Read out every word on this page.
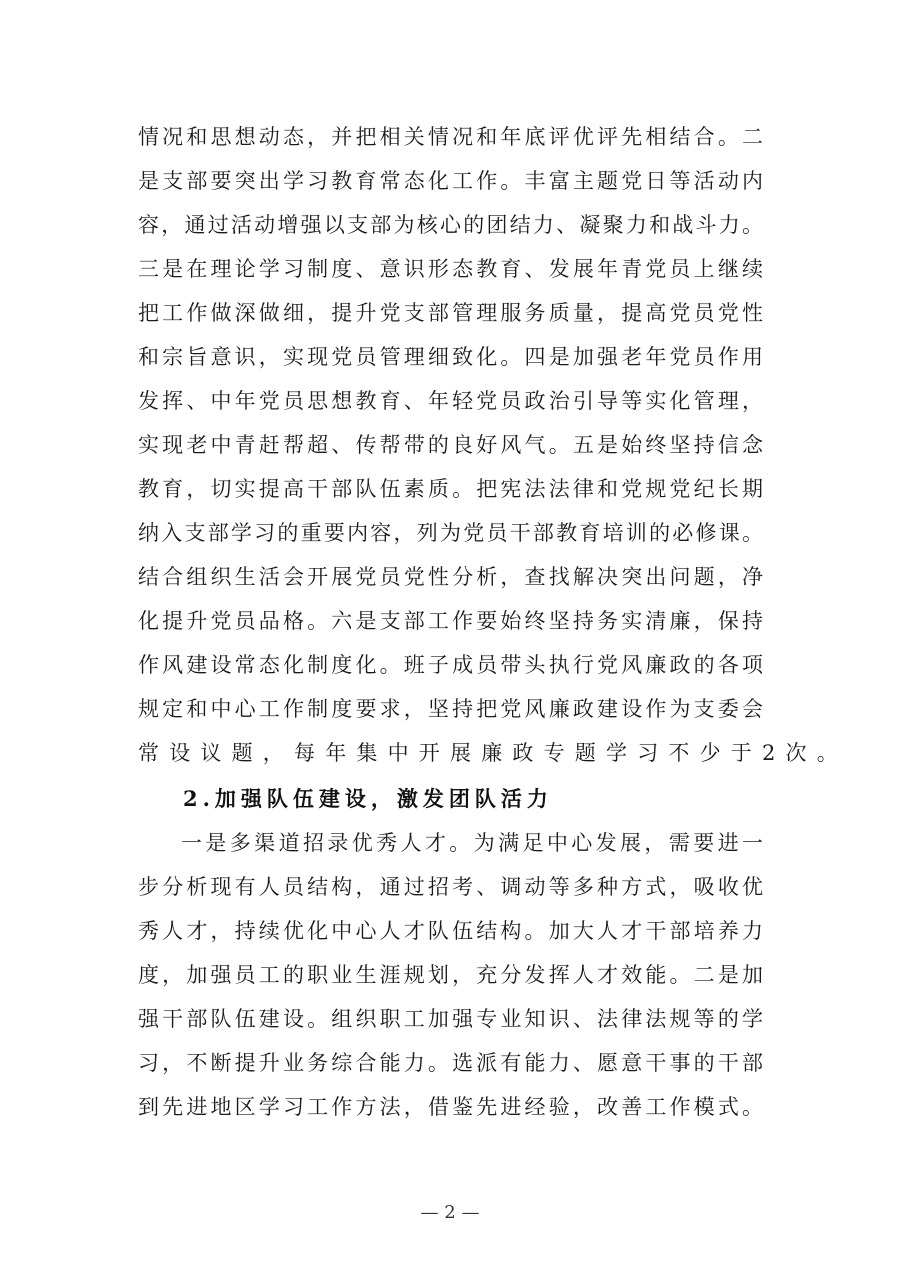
情况和思想动态，并把相关情况和年底评优评先相结合。二
是支部要突出学习教育常态化工作。丰富主题党日等活动内
容，通过活动增强以支部为核心的团结力、凝聚力和战斗力。
三是在理论学习制度、意识形态教育、发展年青党员上继续
把工作做深做细，提升党支部管理服务质量，提高党员党性
和宗旨意识，实现党员管理细致化。四是加强老年党员作用
发挥、中年党员思想教育、年轻党员政治引导等实化管理，
实现老中青赶帮超、传帮带的良好风气。五是始终坚持信念
教育，切实提高干部队伍素质。把宪法法律和党规党纪长期
纳入支部学习的重要内容，列为党员干部教育培训的必修课。
结合组织生活会开展党员党性分析，查找解决突出问题，净
化提升党员品格。六是支部工作要始终坚持务实清廉，保持
作风建设常态化制度化。班子成员带头执行党风廉政的各项
规定和中心工作制度要求，坚持把党风廉政建设作为支委会
常设议题，每年集中开展廉政专题学习不少于2次。
2.加强队伍建设，激发团队活力
一是多渠道招录优秀人才。为满足中心发展，需要进一
步分析现有人员结构，通过招考、调动等多种方式，吸收优
秀人才，持续优化中心人才队伍结构。加大人才干部培养力
度，加强员工的职业生涯规划，充分发挥人才效能。二是加
强干部队伍建设。组织职工加强专业知识、法律法规等的学
习，不断提升业务综合能力。选派有能力、愿意干事的干部
到先进地区学习工作方法，借鉴先进经验，改善工作模式。
— 2 —
